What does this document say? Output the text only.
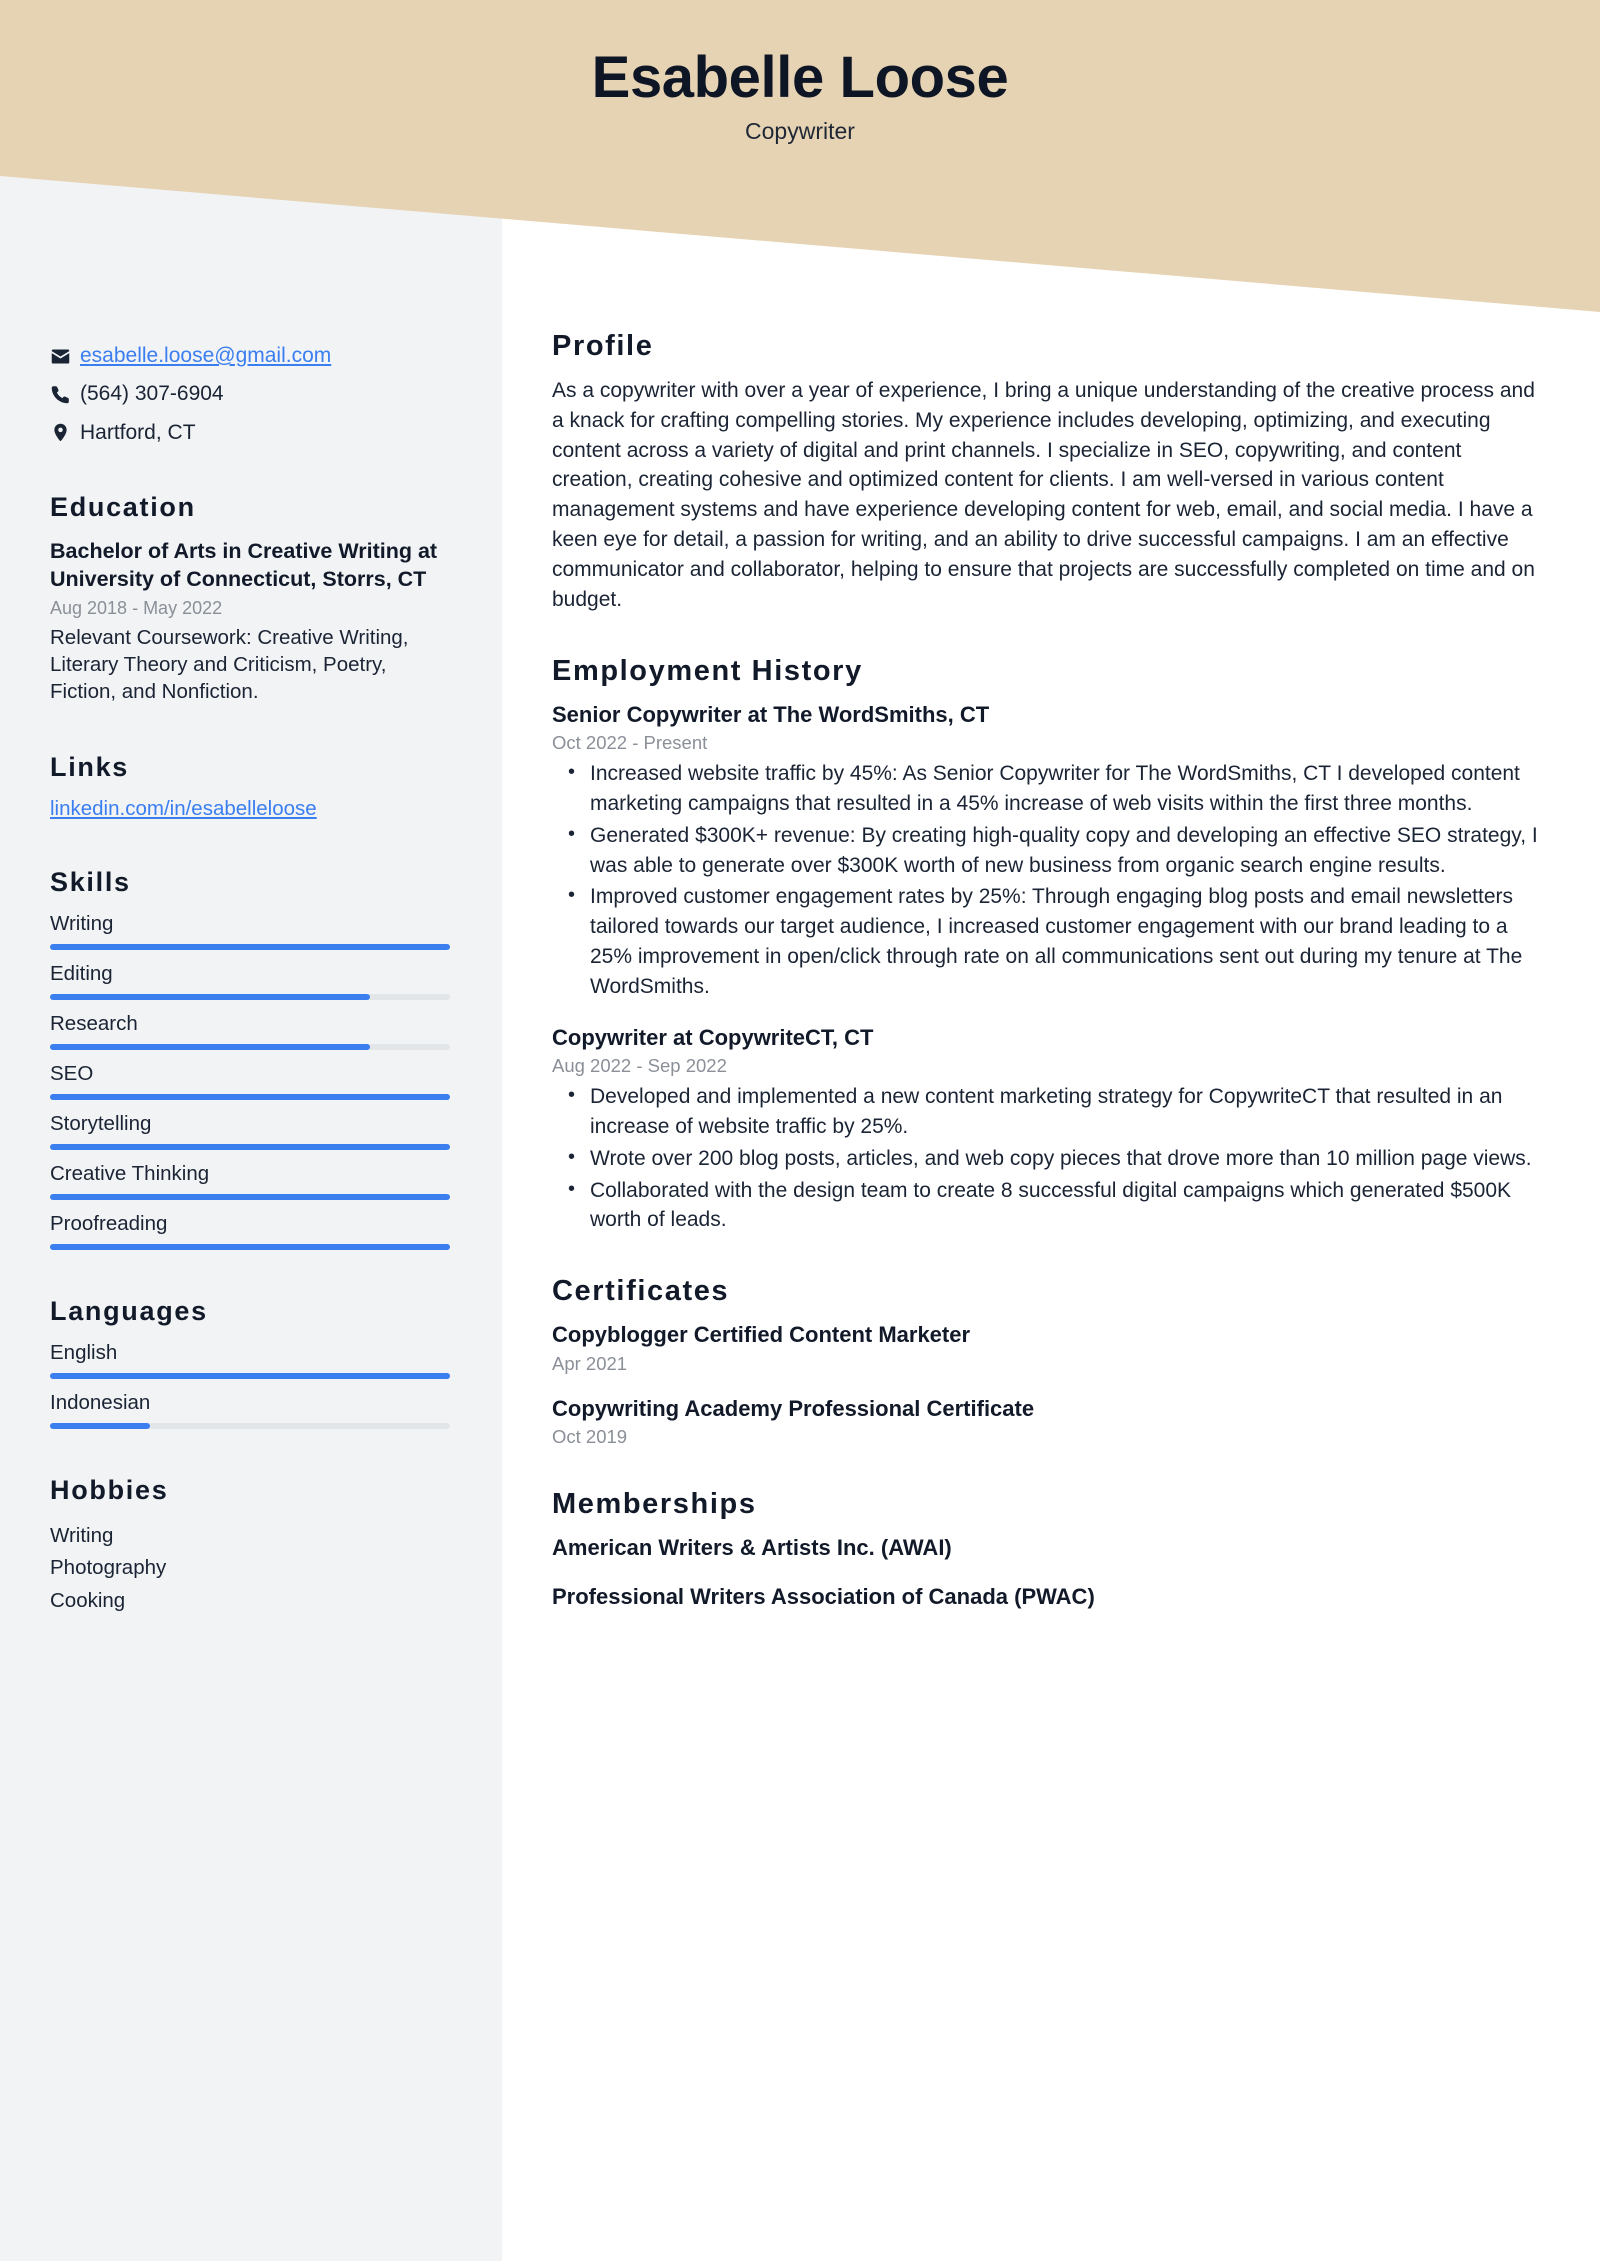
Esabelle Loose
Copywriter
esabelle.loose@gmail.com
(564) 307-6904
Hartford, CT
Education
Bachelor of Arts in Creative Writing at University of Connecticut, Storrs, CT
Aug 2018 - May 2022
Relevant Coursework: Creative Writing, Literary Theory and Criticism, Poetry, Fiction, and Nonfiction.
Links
linkedin.com/in/esabelleloose
Skills
Writing
Editing
Research
SEO
Storytelling
Creative Thinking
Proofreading
Languages
English
Indonesian
Hobbies
Writing
Photography
Cooking
Profile
As a copywriter with over a year of experience, I bring a unique understanding of the creative process and a knack for crafting compelling stories. My experience includes developing, optimizing, and executing content across a variety of digital and print channels. I specialize in SEO, copywriting, and content creation, creating cohesive and optimized content for clients. I am well-versed in various content management systems and have experience developing content for web, email, and social media. I have a keen eye for detail, a passion for writing, and an ability to drive successful campaigns. I am an effective communicator and collaborator, helping to ensure that projects are successfully completed on time and on budget.
Employment History
Senior Copywriter at The WordSmiths, CT
Oct 2022 - Present
• Increased website traffic by 45%: As Senior Copywriter for The WordSmiths, CT I developed content marketing campaigns that resulted in a 45% increase of web visits within the first three months.
• Generated $300K+ revenue: By creating high-quality copy and developing an effective SEO strategy, I was able to generate over $300K worth of new business from organic search engine results.
• Improved customer engagement rates by 25%: Through engaging blog posts and email newsletters tailored towards our target audience, I increased customer engagement with our brand leading to a 25% improvement in open/click through rate on all communications sent out during my tenure at The WordSmiths.
Copywriter at CopywriteCT, CT
Aug 2022 - Sep 2022
• Developed and implemented a new content marketing strategy for CopywriteCT that resulted in an increase of website traffic by 25%.
• Wrote over 200 blog posts, articles, and web copy pieces that drove more than 10 million page views.
• Collaborated with the design team to create 8 successful digital campaigns which generated $500K worth of leads.
Certificates
Copyblogger Certified Content Marketer
Apr 2021
Copywriting Academy Professional Certificate
Oct 2019
Memberships
American Writers & Artists Inc. (AWAI)
Professional Writers Association of Canada (PWAC)
